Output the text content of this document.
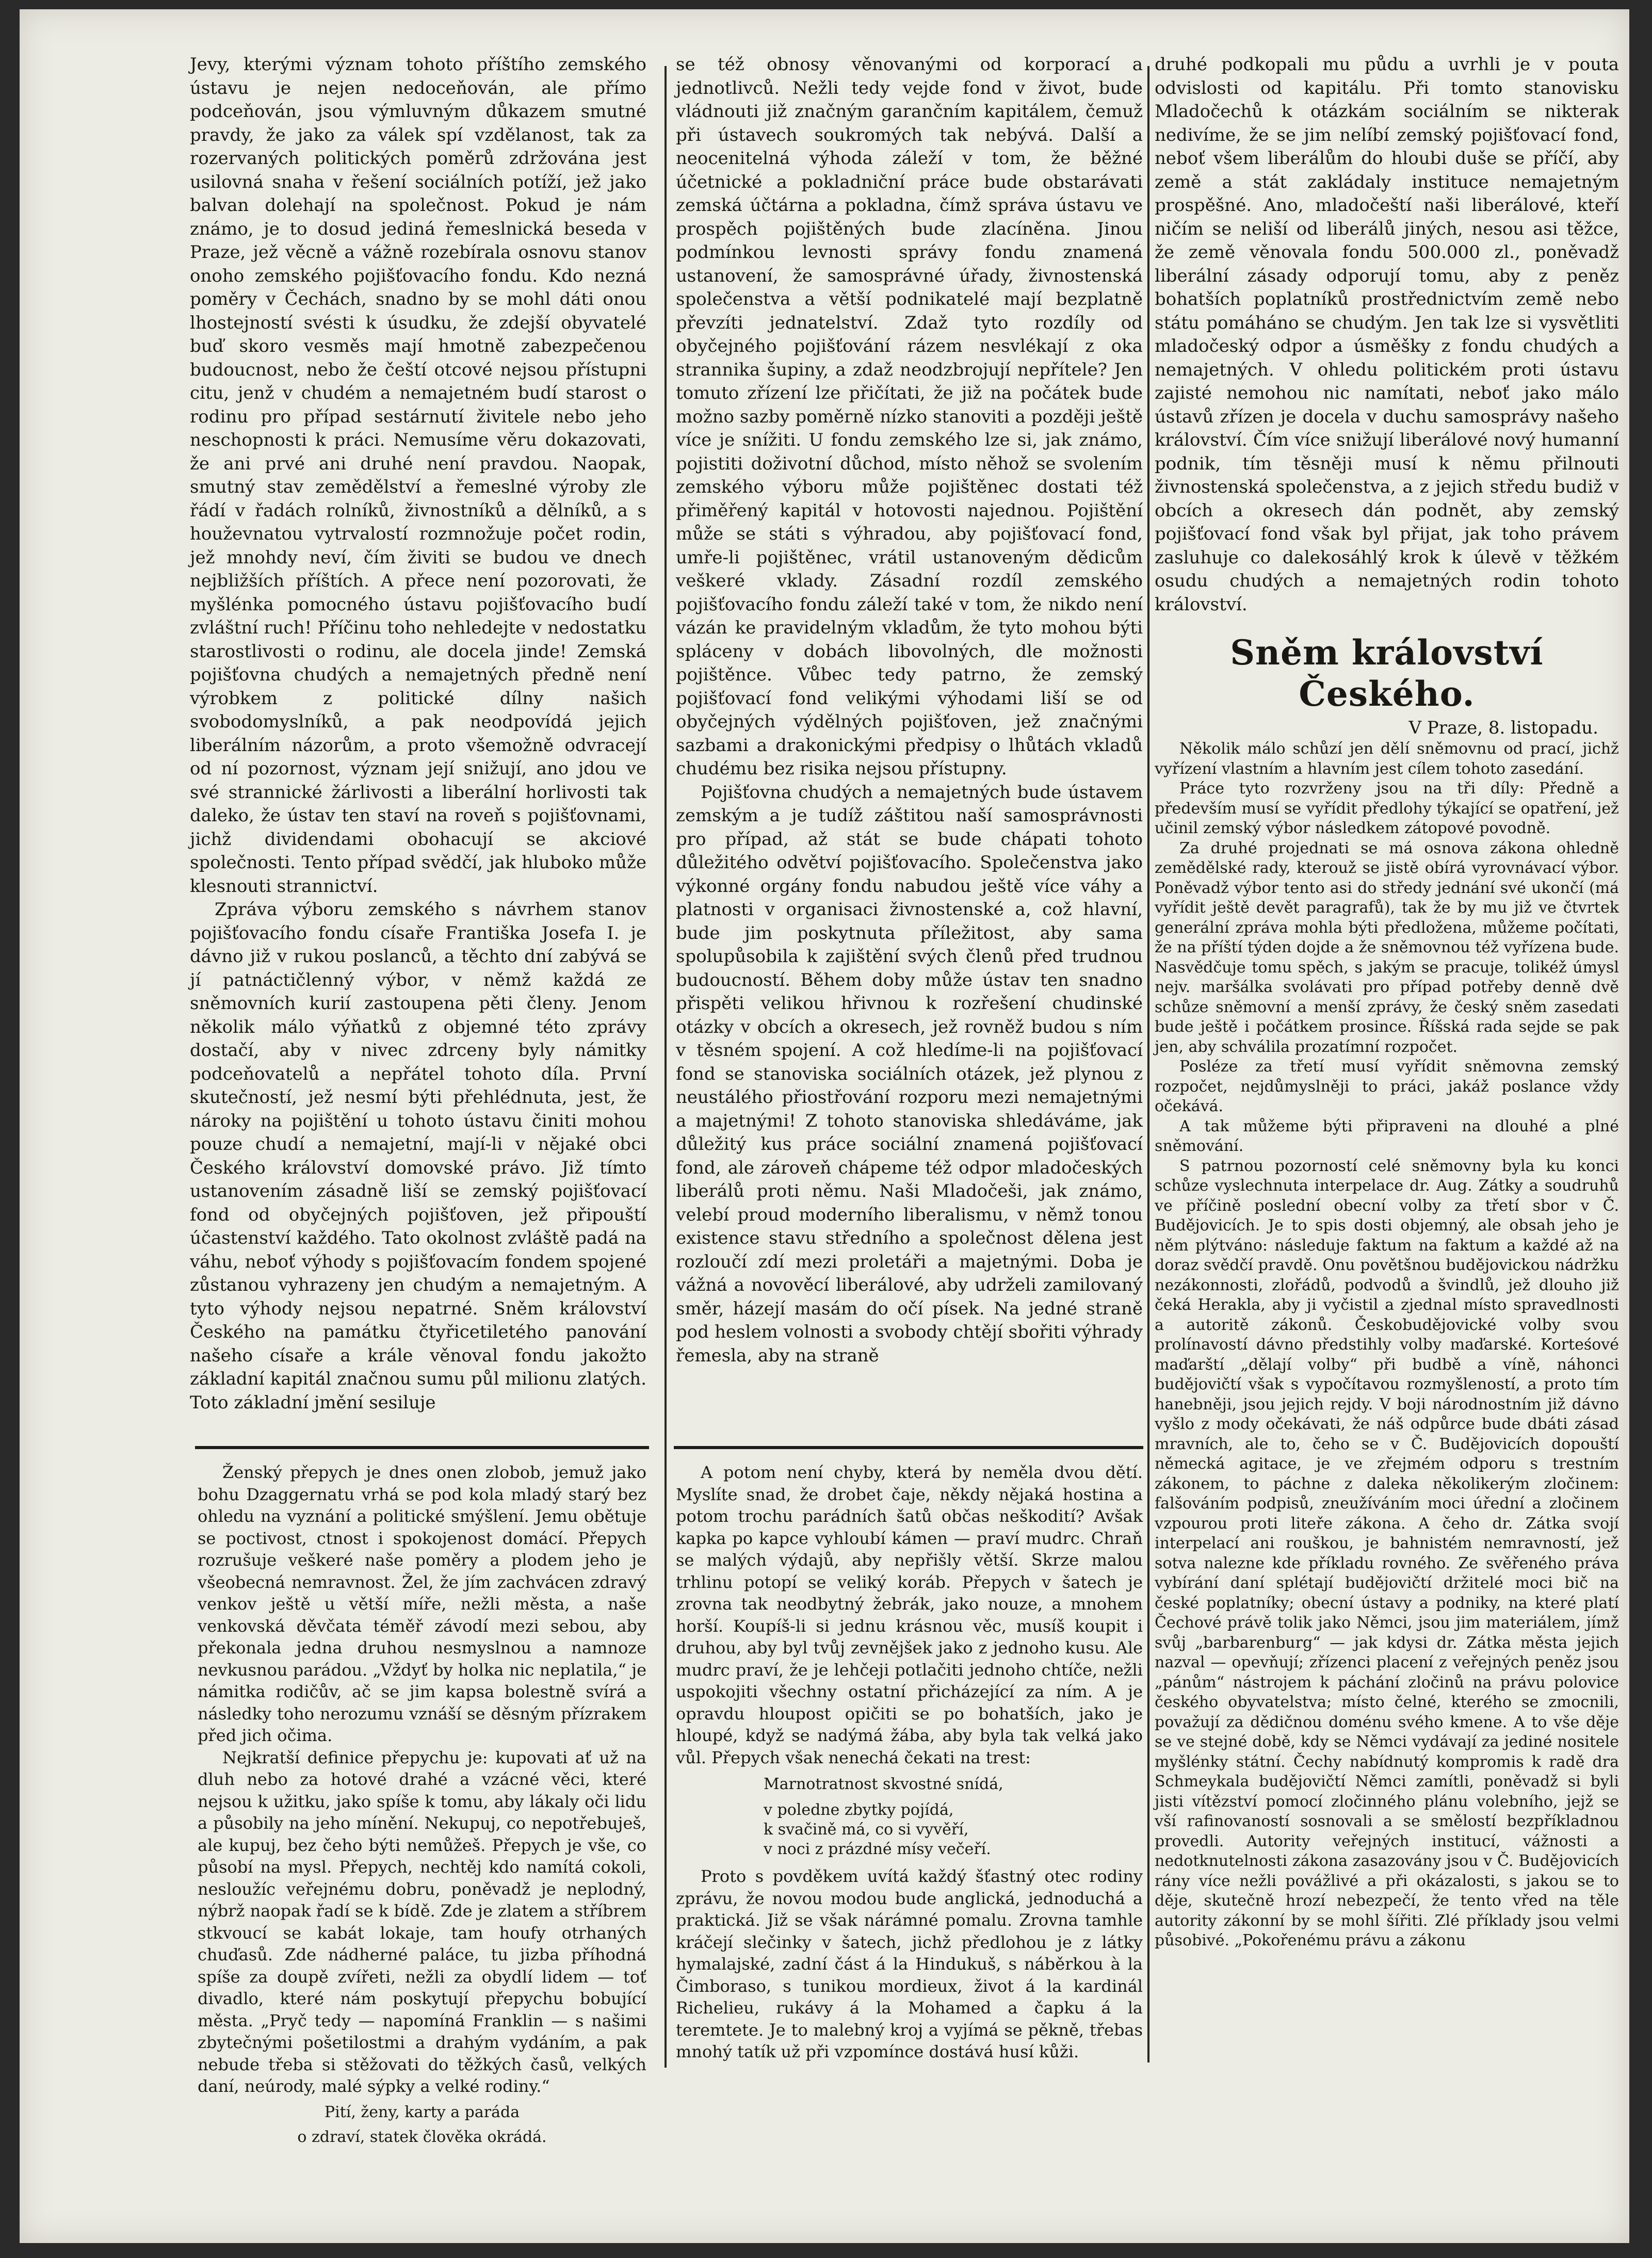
Jevy, kterými význam tohoto příštího zemského ústavu je nejen nedoceňován, ale přímo podceňován, jsou výmluvným důkazem smutné pravdy, že jako za válek spí vzdělanost, tak za rozervaných politických poměrů zdržována jest usilovná snaha v řešení sociálních potíží, jež jako balvan dolehají na společnost. Pokud je nám známo, je to dosud jediná řemeslnická beseda v Praze, jež věcně a vážně rozebírala osnovu stanov onoho zemského pojišťovacího fondu. Kdo nezná poměry v Čechách, snadno by se mohl dáti onou lhostejností svésti k úsudku, že zdejší obyvatelé buď skoro vesměs mají hmotně zabezpečenou budoucnost, nebo že čeští otcové nejsou přístupni citu, jenž v chudém a nemajetném budí starost o rodinu pro případ sestárnutí živitele nebo jeho neschopnosti k práci. Nemusíme věru dokazovati, že ani prvé ani druhé není pravdou. Naopak, smutný stav zemědělství a řemeslné výroby zle řádí v řadách rolníků, živnostníků a dělníků, a s houževnatou vytrvalostí rozmnožuje počet rodin, jež mnohdy neví, čím živiti se budou ve dnech nejbližších příštích. A přece není pozorovati, že myšlénka pomocného ústavu pojišťovacího budí zvláštní ruch! Příčinu toho nehledejte v nedostatku starostlivosti o rodinu, ale docela jinde! Zemská pojišťovna chudých a nemajetných předně není výrobkem z politické dílny našich svobodomyslníků, a pak neodpovídá jejich liberálním názorům, a proto všemožně odvracejí od ní pozornost, význam její snižují, ano jdou ve své strannické žárlivosti a liberální horlivosti tak daleko, že ústav ten staví na roveň s pojišťovnami, jichž dividendami obohacují se akciové společnosti. Tento případ svědčí, jak hluboko může klesnouti strannictví.

Zpráva výboru zemského s návrhem stanov pojišťovacího fondu císaře Františka Josefa I. je dávno již v rukou poslanců, a těchto dní zabývá se jí patnáctičlenný výbor, v němž každá ze sněmovních kurií zastoupena pěti členy. Jenom několik málo výňatků z objemné této zprávy dostačí, aby v nivec zdrceny byly námitky podceňovatelů a nepřátel tohoto díla. První skutečností, jež nesmí býti přehlédnuta, jest, že nároky na pojištění u tohoto ústavu činiti mohou pouze chudí a nemajetní, mají-li v nějaké obci Českého království domovské právo. Již tímto ustanovením zásadně liší se zemský pojišťovací fond od obyčejných pojišťoven, jež připouští účastenství každého. Tato okolnost zvláště padá na váhu, neboť výhody s pojišťovacím fondem spojené zůstanou vyhrazeny jen chudým a nemajetným. A tyto výhody nejsou nepatrné. Sněm království Českého na památku čtyřicetiletého panování našeho císaře a krále věnoval fondu jakožto základní kapitál značnou sumu půl milionu zlatých. Toto základní jmění sesiluje

se též obnosy věnovanými od korporací a jednotlivců. Nežli tedy vejde fond v život, bude vládnouti již značným garančním kapitálem, čemuž při ústavech soukromých tak nebývá. Další a neocenitelná výhoda záleží v tom, že běžné účetnické a pokladniční práce bude obstarávati zemská účtárna a pokladna, čímž správa ústavu ve prospěch pojištěných bude zlacíněna. Jinou podmínkou levnosti správy fondu znamená ustanovení, že samosprávné úřady, živnostenská společenstva a větší podnikatelé mají bezplatně převzíti jednatelství. Zdaž tyto rozdíly od obyčejného pojišťování rázem nesvlékají z oka strannika šupiny, a zdaž neodzbrojují nepřítele? Jen tomuto zřízení lze přičítati, že již na počátek bude možno sazby poměrně nízko stanoviti a později ještě více je snížiti. U fondu zemského lze si, jak známo, pojistiti doživotní důchod, místo něhož se svolením zemského výboru může pojištěnec dostati též přiměřený kapitál v hotovosti najednou. Pojištění může se státi s výhradou, aby pojišťovací fond, umře-li pojištěnec, vrátil ustanoveným dědicům veškeré vklady. Zásadní rozdíl zemského pojišťovacího fondu záleží také v tom, že nikdo není vázán ke pravidelným vkladům, že tyto mohou býti spláceny v dobách libovolných, dle možnosti pojištěnce. Vůbec tedy patrno, že zemský pojišťovací fond velikými výhodami liší se od obyčejných výdělných pojišťoven, jež značnými sazbami a drakonickými předpisy o lhůtách vkladů chudému bez risika nejsou přístupny.

Pojišťovna chudých a nemajetných bude ústavem zemským a je tudíž záštitou naší samosprávnosti pro případ, až stát se bude chápati tohoto důležitého odvětví pojišťovacího. Společenstva jako výkonné orgány fondu nabudou ještě více váhy a platnosti v organisaci živnostenské a, což hlavní, bude jim poskytnuta příležitost, aby sama spolupůsobila k zajištění svých členů před trudnou budoucností. Během doby může ústav ten snadno přispěti velikou hřivnou k rozřešení chudinské otázky v obcích a okresech, jež rovněž budou s ním v těsném spojení. A což hledíme-li na pojišťovací fond se stanoviska sociálních otázek, jež plynou z neustálého přiostřování rozporu mezi nemajetnými a majetnými! Z tohoto stanoviska shledáváme, jak důležitý kus práce sociální znamená pojišťovací fond, ale zároveň chápeme též odpor mladočeských liberálů proti němu. Naši Mladočeši, jak známo, velebí proud moderního liberalismu, v němž tonou existence stavu středního a společnost dělena jest rozloučí zdí mezi proletáři a majetnými. Doba je vážná a novověcí liberálové, aby udrželi zamilovaný směr, házejí masám do očí písek. Na jedné straně pod heslem volnosti a svobody chtějí sbořiti výhrady řemesla, aby na straně

druhé podkopali mu půdu a uvrhli je v pouta odvislosti od kapitálu. Při tomto stanovisku Mladočechů k otázkám sociálním se nikterak nedivíme, že se jim nelíbí zemský pojišťovací fond, neboť všem liberálům do hloubi duše se příčí, aby země a stát zakládaly instituce nemajetným prospěšné. Ano, mladočeští naši liberálové, kteří ničím se neliší od liberálů jiných, nesou asi těžce, že země věnovala fondu 500.000 zl., poněvadž liberální zásady odporují tomu, aby z peněz bohatších poplatníků prostřednictvím země nebo státu pomáháno se chudým. Jen tak lze si vysvětliti mladočeský odpor a úsměšky z fondu chudých a nemajetných. V ohledu politickém proti ústavu zajisté nemohou nic namítati, neboť jako málo ústavů zřízen je docela v duchu samosprávy našeho království. Čím více snižují liberálové nový humanní podnik, tím těsněji musí k němu přilnouti živnostenská společenstva, a z jejich středu budiž v obcích a okresech dán podnět, aby zemský pojišťovací fond však byl přijat, jak toho právem zasluhuje co dalekosáhlý krok k úlevě v těžkém osudu chudých a nemajetných rodin tohoto království.

Sněm království Českého.
V Praze, 8. listopadu.

Několik málo schůzí jen dělí sněmovnu od prací, jichž vyřízení vlastním a hlavním jest cílem tohoto zasedání.

Práce tyto rozvrženy jsou na tři díly: Předně a především musí se vyřídit předlohy týkající se opatření, jež učinil zemský výbor následkem zátopové povodně.

Za druhé projednati se má osnova zákona ohledně zemědělské rady, kterouž se jistě obírá vyrovnávací výbor. Poněvadž výbor tento asi do středy jednání své ukončí (má vyřídit ještě devět paragrafů), tak že by mu již ve čtvrtek generální zpráva mohla býti předložena, můžeme počítati, že na příští týden dojde a že sněmovnou též vyřízena bude. Nasvědčuje tomu spěch, s jakým se pracuje, tolikéž úmysl nejv. maršálka svolávati pro případ potřeby denně dvě schůze sněmovní a menší zprávy, že český sněm zasedati bude ještě i počátkem prosince. Říšská rada sejde se pak jen, aby schválila prozatímní rozpočet.

Posléze za třetí musí vyřídit sněmovna zemský rozpočet, nejdůmyslněji to práci, jakáž poslance vždy očekává.

A tak můžeme býti připraveni na dlouhé a plné sněmování.

S patrnou pozorností celé sněmovny byla ku konci schůze vyslechnuta interpelace dr. Aug. Zátky a soudruhů ve příčině poslední obecní volby za třetí sbor v Č. Budějovicích. Je to spis dosti objemný, ale obsah jeho je něm plýtváno: následuje faktum na faktum a každé až na doraz svědčí pravdě. Onu povětšnou budějovickou nádržku nezákonnosti, zlořádů, podvodů a švindlů, jež dlouho již čeká Herakla, aby ji vyčistil a zjednal místo spravedlnosti a autoritě zákonů. Českobudějovické volby svou prolínavostí dávno předstihly volby maďarské. Korteśové maďarští „dělají volby“ při budbě a víně, náhonci budějovičtí však s vypočítavou rozmyšleností, a proto tím hanebněji, jsou jejich rejdy. V boji národnostním již dávno vyšlo z mody očekávati, že náš odpůrce bude dbáti zásad mravních, ale to, čeho se v Č. Budějovicích dopouští německá agitace, je ve zřejmém odporu s trestním zákonem, to páchne z daleka několikerým zločinem: falšováním podpisů, zneužíváním moci úřední a zločinem vzpourou proti liteře zákona. A čeho dr. Zátka svojí interpelací ani rouškou, je bahnistém nemravností, jež sotva nalezne kde příkladu rovného. Ze svěřeného práva vybírání daní splétají budějovičtí držitelé moci bič na české poplatníky; obecní ústavy a podniky, na které platí Čechové právě tolik jako Němci, jsou jim materiálem, jímž svůj „barbarenburg“ — jak kdysi dr. Zátka města jejich nazval — opevňují; zřízenci placení z veřejných peněz jsou „pánům“ nástrojem k páchání zločinů na právu polovice českého obyvatelstva; místo čelné, kterého se zmocnili, považují za dědičnou doménu svého kmene. A to vše děje se ve stejné době, kdy se Němci vydávají za jediné nositele myšlénky státní. Čechy nabídnutý kompromis k radě dra Schmeykala budějovičtí Němci zamítli, poněvadž si byli jisti vítězství pomocí zločinného plánu volebního, jejž se vší rafinovaností sosnovali a se smělostí bezpříkladnou provedli. Autority veřejných institucí, vážnosti a nedotknutelnosti zákona zasazovány jsou v Č. Budějovicích rány více nežli povážlivé a při okázalosti, s jakou se to děje, skutečně hrozí nebezpečí, že tento vřed na těle autority zákonní by se mohl šířiti. Zlé příklady jsou velmi působivé. „Pokořenému právu a zákonu

Ženský přepych je dnes onen zlobob, jemuž jako bohu Dzaggernatu vrhá se pod kola mladý starý bez ohledu na vyznání a politické smýšlení. Jemu obětuje se poctivost, ctnost i spokojenost domácí. Přepych rozrušuje veškeré naše poměry a plodem jeho je všeobecná nemravnost. Žel, že jím zachvácen zdravý venkov ještě u větší míře, nežli města, a naše venkovská děvčata téměř závodí mezi sebou, aby překonala jedna druhou nesmyslnou a namnoze nevkusnou parádou. „Vždyť by holka nic neplatila,“ je námitka rodičův, ač se jim kapsa bolestně svírá a následky toho nerozumu vznáší se děsným přízrakem před jich očima.

Nejkratší definice přepychu je: kupovati ať už na dluh nebo za hotové drahé a vzácné věci, které nejsou k užitku, jako spíše k tomu, aby lákaly oči lidu a působily na jeho mínění. Nekupuj, co nepotřebuješ, ale kupuj, bez čeho býti nemůžeš. Přepych je vše, co působí na mysl. Přepych, nechtěj kdo namítá cokoli, nesloužíc veřejnému dobru, poněvadž je neplodný, nýbrž naopak řadí se k bídě. Zde je zlatem a stříbrem stkvoucí se kabát lokaje, tam houfy otrhaných chuďasů. Zde nádherné paláce, tu jizba příhodná spíše za doupě zvířeti, nežli za obydlí lidem — toť divadlo, které nám poskytují přepychu bobující města. „Pryč tedy — napomíná Franklin — s našimi zbytečnými pošetilostmi a drahým vydáním, a pak nebude třeba si stěžovati do těžkých časů, velkých daní, neúrody, malé sýpky a velké rodiny.“

Pití, ženy, karty a paráda
o zdraví, statek člověka okrádá.

A potom není chyby, která by neměla dvou dětí. Myslíte snad, že drobet čaje, někdy nějaká hostina a potom trochu parádních šatů občas neškodití? Avšak kapka po kapce vyhloubí kámen — praví mudrc. Chraň se malých výdajů, aby nepřišly větší. Skrze malou trhlinu potopí se veliký koráb. Přepych v šatech je zrovna tak neodbytný žebrák, jako nouze, a mnohem horší. Koupíš-li si jednu krásnou věc, musíš koupit i druhou, aby byl tvůj zevnějšek jako z jednoho kusu. Ale mudrc praví, že je lehčeji potlačiti jednoho chtíče, nežli uspokojiti všechny ostatní přicházející za ním. A je opravdu hloupost opičiti se po bohatších, jako je hloupé, když se nadýmá žába, aby byla tak velká jako vůl. Přepych však nenechá čekati na trest:

Marnotratnost skvostné snídá,
v poledne zbytky pojídá,
k svačině má, co si vyvěří,
v noci z prázdné mísy večeří.

Proto s povděkem uvítá každý šťastný otec rodiny zprávu, že novou modou bude anglická, jednoduchá a praktická. Již se však nárámné pomalu. Zrovna tamhle kráčejí slečinky v šatech, jichž předlohou je z látky hymalajské, zadní část á la Hindukuš, s náběrkou à la Čimboraso, s tunikou mordieux, život á la kardinál Richelieu, rukávy á la Mohamed a čapku á la teremtete. Je to malebný kroj a vyjímá se pěkně, třebas mnohý tatík už při vzpomínce dostává husí kůži.
